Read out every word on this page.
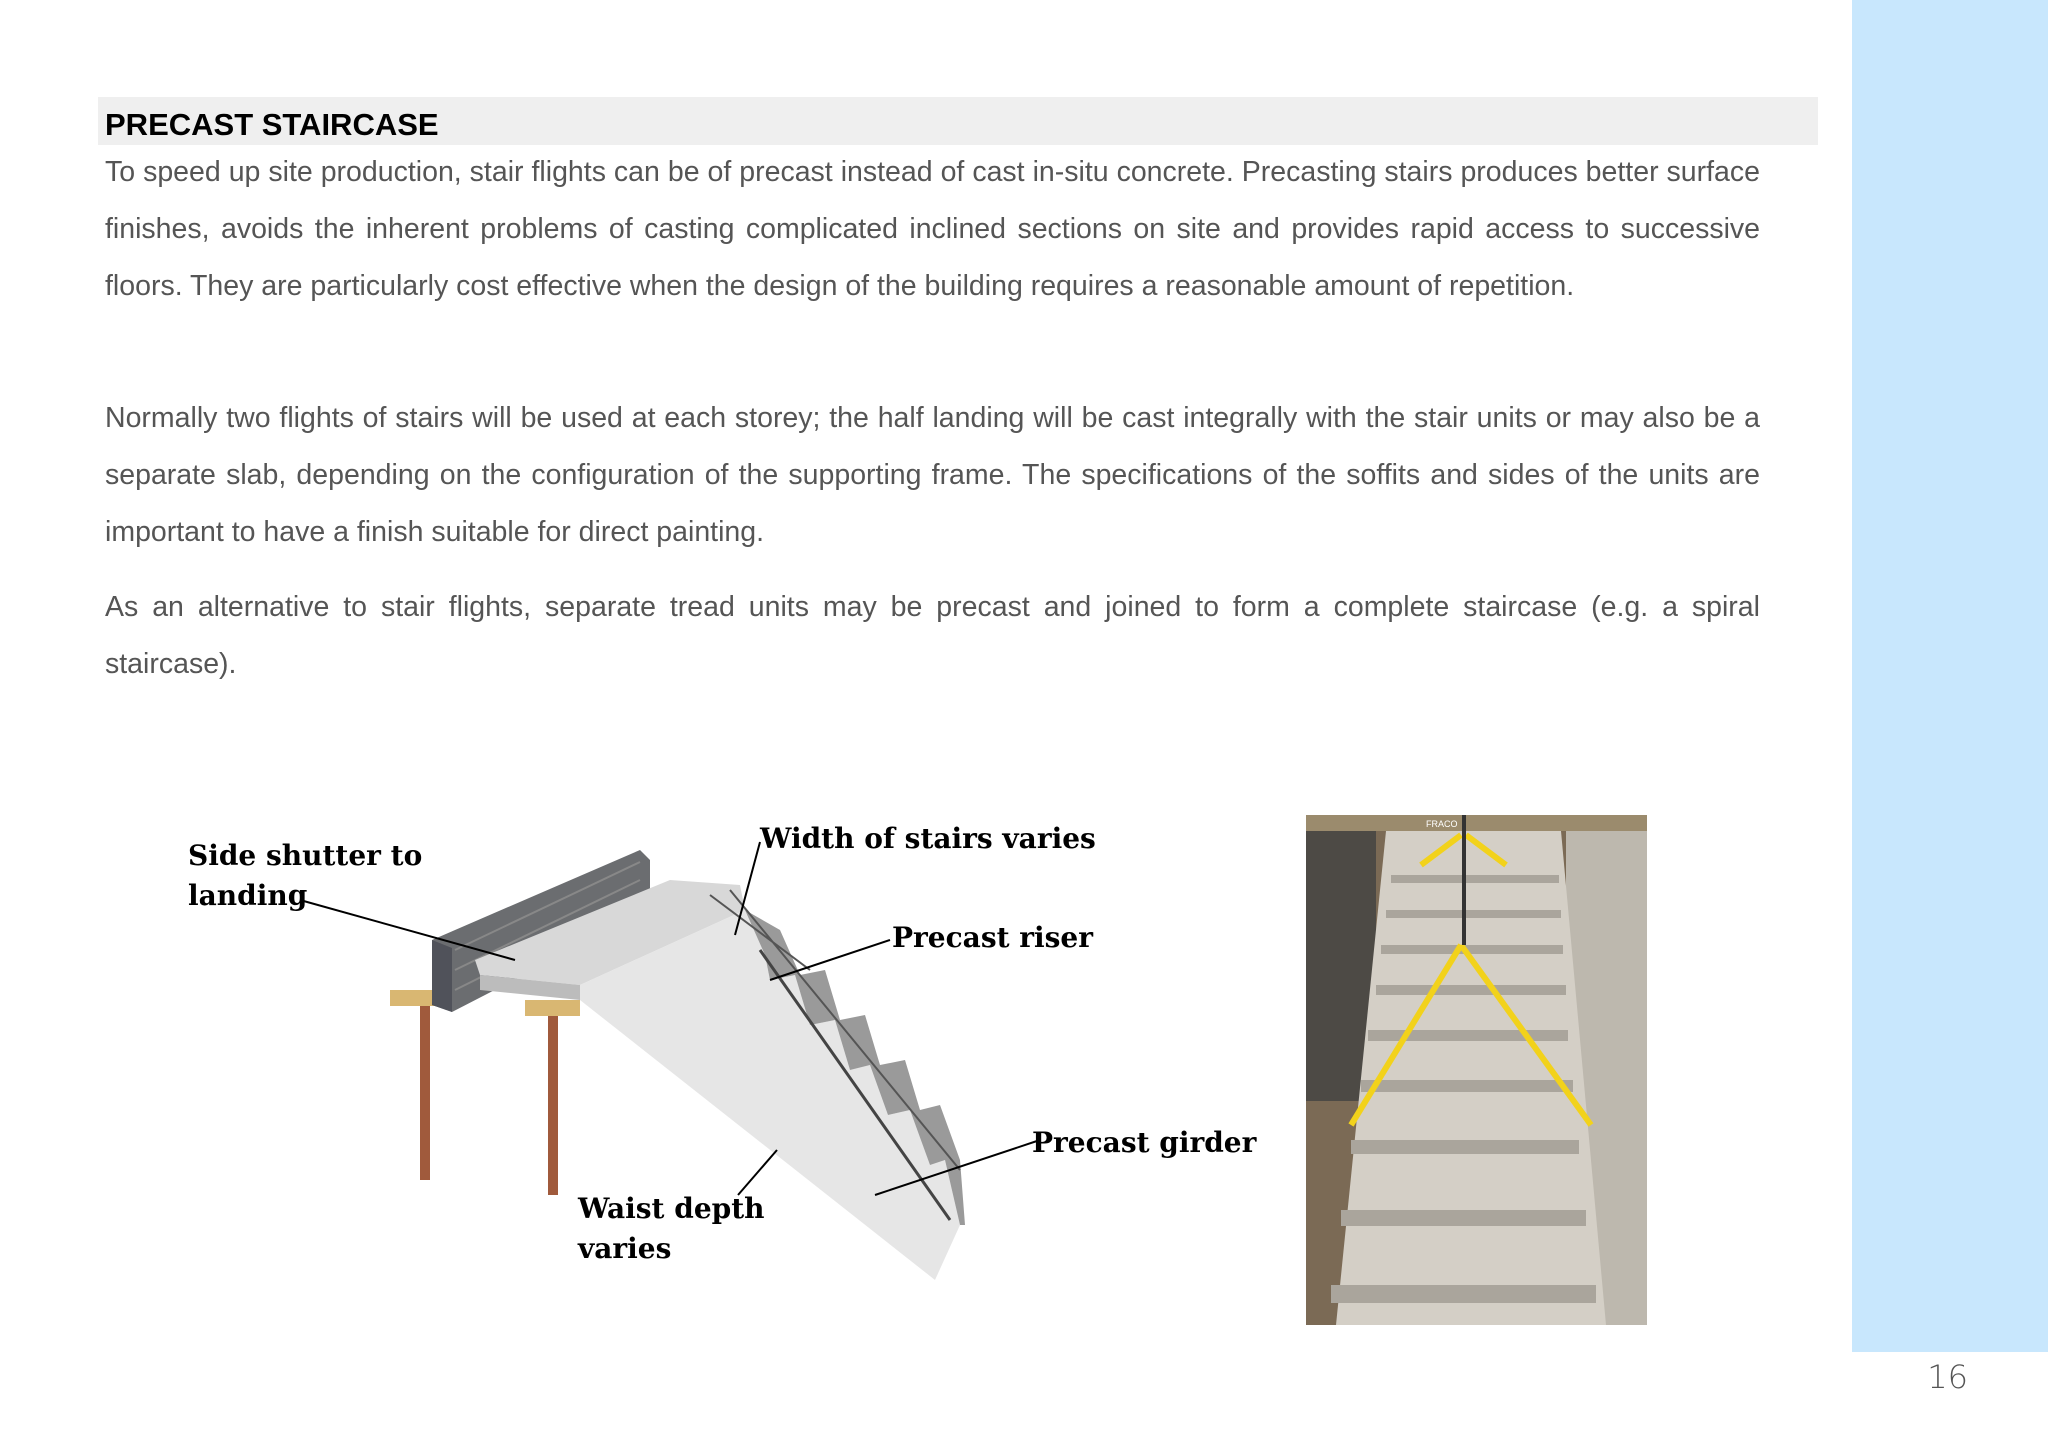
PRECAST STAIRCASE

To speed up site production, stair flights can be of precast instead of cast in-situ concrete. Precasting stairs produces better surface finishes, avoids the inherent problems of casting complicated inclined sections on site and provides rapid access to successive floors. They are particularly cost effective when the design of the building requires a reasonable amount of repetition.

Normally two flights of stairs will be used at each storey; the half landing will be cast integrally with the stair units or may also be a separate slab, depending on the configuration of the supporting frame. The specifications of the soffits and sides of the units are important to have a finish suitable for direct painting.

As an alternative to stair flights, separate tread units may be precast and joined to form a complete staircase (e.g. a spiral staircase).

Side shutter to
landing
Width of stairs varies
Precast riser
Precast girder
Waist depth
varies
FRACO
16
